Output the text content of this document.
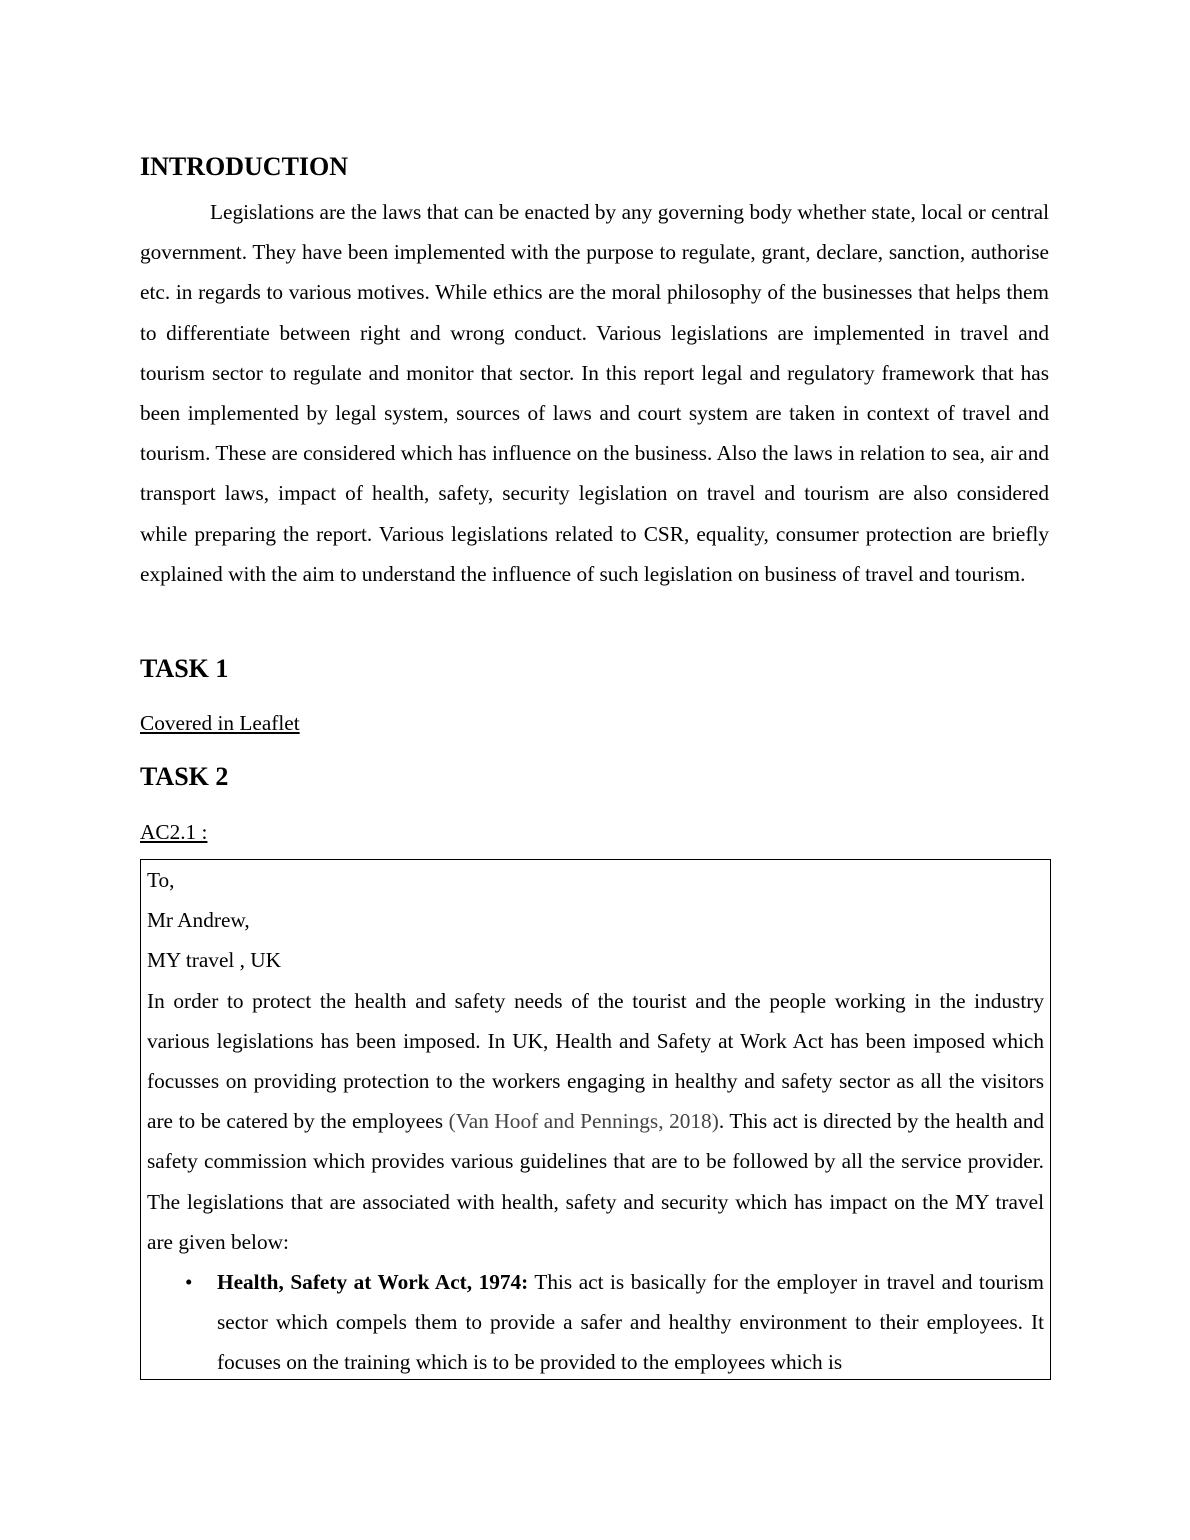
INTRODUCTION

Legislations are the laws that can be enacted by any governing body whether state, local or central government. They have been implemented with the purpose to regulate, grant, declare, sanction, authorise etc. in regards to various motives. While ethics are the moral philosophy of the businesses that helps them to differentiate between right and wrong conduct. Various legislations are implemented in travel and tourism sector to regulate and monitor that sector. In this report legal and regulatory framework that has been implemented by legal system, sources of laws and court system are taken in context of travel and tourism. These are considered which has influence on the business. Also the laws in relation to sea, air and transport laws, impact of health, safety, security legislation on travel and tourism are also considered while preparing the report. Various legislations related to CSR, equality, consumer protection are briefly explained with the aim to understand the influence of such legislation on business of travel and tourism.

TASK 1
Covered in Leaflet
TASK 2
AC2.1 :

To,

Mr Andrew,

MY travel , UK

In order to protect the health and safety needs of the tourist and the people working in the industry various legislations has been imposed. In UK, Health and Safety at Work Act has been imposed which focusses on providing protection to the workers engaging in healthy and safety sector as all the visitors are to be catered by the employees (Van Hoof and Pennings, 2018). This act is directed by the health and safety commission which provides various guidelines that are to be followed by all the service provider. The legislations that are associated with health, safety and security which has impact on the MY travel are given below:

• Health, Safety at Work Act, 1974: This act is basically for the employer in travel and tourism sector which compels them to provide a safer and healthy environment to their employees. It focuses on the training which is to be provided to the employees which is
